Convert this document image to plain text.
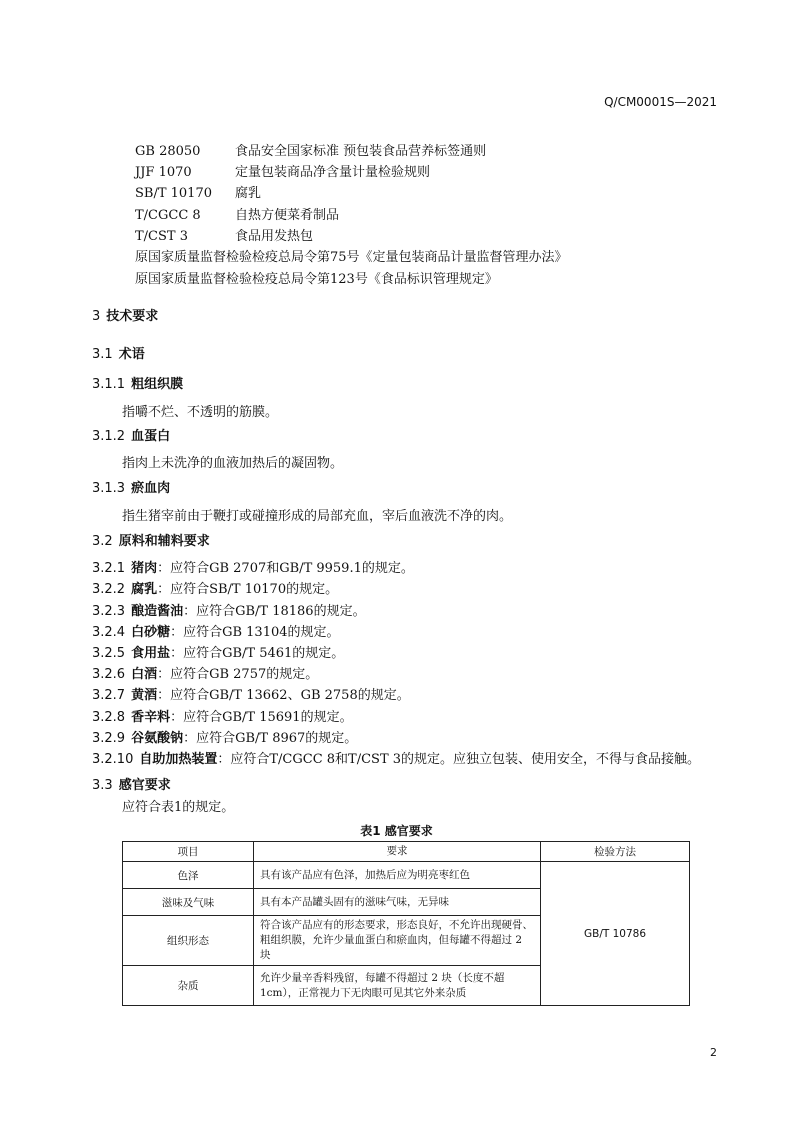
Q/CM0001S—2021
GB 28050	食品安全国家标准 预包装食品营养标签通则
JJF 1070	定量包装商品净含量计量检验规则
SB/T 10170 腐乳
T/CGCC 8	自热方便菜肴制品
T/CST 3	食品用发热包
原国家质量监督检验检疫总局令第75号《定量包装商品计量监督管理办法》
原国家质量监督检验检疫总局令第123号《食品标识管理规定》
3 技术要求
3.1 术语
3.1.1 粗组织膜
指嚼不烂、不透明的筋膜。
3.1.2 血蛋白
指肉上未洗净的血液加热后的凝固物。
3.1.3 瘀血肉
指生猪宰前由于鞭打或碰撞形成的局部充血，宰后血液洗不净的肉。
3.2 原料和辅料要求
3.2.1 猪肉：应符合GB 2707和GB/T 9959.1的规定。
3.2.2 腐乳：应符合SB/T 10170的规定。
3.2.3 酿造酱油：应符合GB/T 18186的规定。
3.2.4 白砂糖：应符合GB 13104的规定。
3.2.5 食用盐：应符合GB/T 5461的规定。
3.2.6 白酒：应符合GB 2757的规定。
3.2.7 黄酒：应符合GB/T 13662、GB 2758的规定。
3.2.8 香辛料：应符合GB/T 15691的规定。
3.2.9 谷氨酸钠：应符合GB/T 8967的规定。
3.2.10 自助加热装置：应符合T/CGCC 8和T/CST 3的规定。应独立包装、使用安全，不得与食品接触。
3.3 感官要求
应符合表1的规定。
表1 感官要求
项目	要求	检验方法
色泽	具有该产品应有色泽，加热后应为明亮枣红色	GB/T 10786
滋味及气味	具有本产品罐头固有的滋味气味，无异味	
组织形态	符合该产品应有的形态要求，形态良好，不允许出现硬骨、粗组织膜，允许少量血蛋白和瘀血肉，但每罐不得超过 2 块	
杂质	允许少量辛香料残留，每罐不得超过 2 块（长度不超1cm），正常视力下无肉眼可见其它外来杂质	
2
